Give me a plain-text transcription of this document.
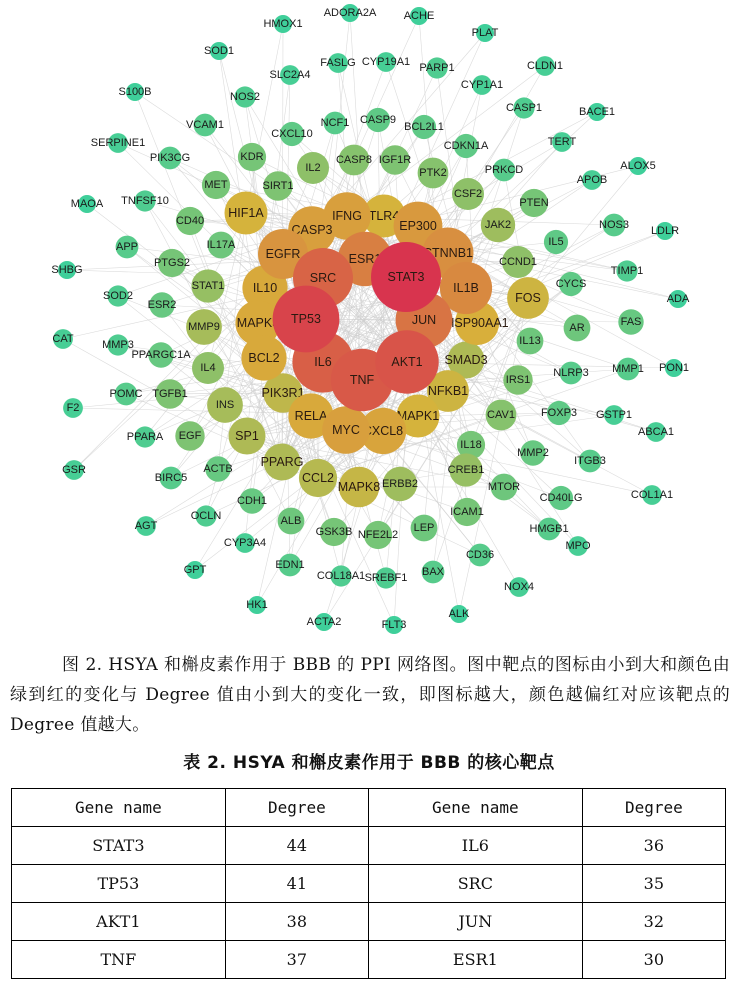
HMOX1
ADORA2A ACHE
PLAT
SOD1
S100B
BACE1
ALOX5
MAOA
LDLR
SHBG
ADA
PON1
GPT
HK1
ALK
ACTA2	FLT3
FASLG CYP19A1	CLDN1
SLC2A4
CYP1A1
SERPINE1	TERT
APOB
CAT
F2
GSTP1
ABCA1
GSR
COL1A1
AGT
MPO
CYP3A4
NOX4
PARP1
NOS2
CASP1
TNFSF10
TIMP1
SOD2
MMP3
PPARA
OCLN
COL18A1 SREBF1
VCAM1	NCF1
PIK3CG
PRKCD
NOS3
APP
NLRP3 MMP1
POMC
ITGB3
BIRC5
HMGB1
CD36
EDN1
BAX
CASP9
BCL2L1
CXCL10
CDKN1A
IL5
CYCS
FOXP3
CD40LG
ESR2
FAS
PPARGC1A
MMP2
ACTB
CDH1
IL17A
AR
IL13
MTOR
ALB
LEP
KDR
MET
PTEN
CD40
PTGS2
IL18
ICAM1
GSK3B NFE2L2
IGF1R
SIRT1
TGFB1
IRS1
EGF
CASP8
PTK2
CAV1
IL2
CSF2
CCND1
IL4
STAT1
CREB1
JAK2
ERBB2
MMP9
INS
SMAD3
SP1
PPARG
CCL2
PIK3R1
MAPK8
FOS
NFKB1
HIF1A	TLR4
MAPK1
HSP90AA1
IL10
MAPK3
BCL2
RELA
CXCL8
IFNG
CASP3
MYC
EP300
EGFR	CTNNB1
IL1B
ESR1
JUN
SRC
IL6
TNF
AKT1
TP53
STAT3
图 2. HSYA 和槲皮素作用于 BBB 的 PPI 网络图。图中靶点的图标由小到大和颜色由绿到红的变化与 Degree 值由小到大的变化一致，即图标越大，颜色越偏红对应该靶点的 Degree 值越大。
表 2. HSYA 和槲皮素作用于 BBB 的核心靶点
Gene name	Degree	Gene name	Degree
STAT3	44	IL6	36
TP53	41	SRC	35
AKT1	38	JUN	32
TNF	37	ESR1	30
